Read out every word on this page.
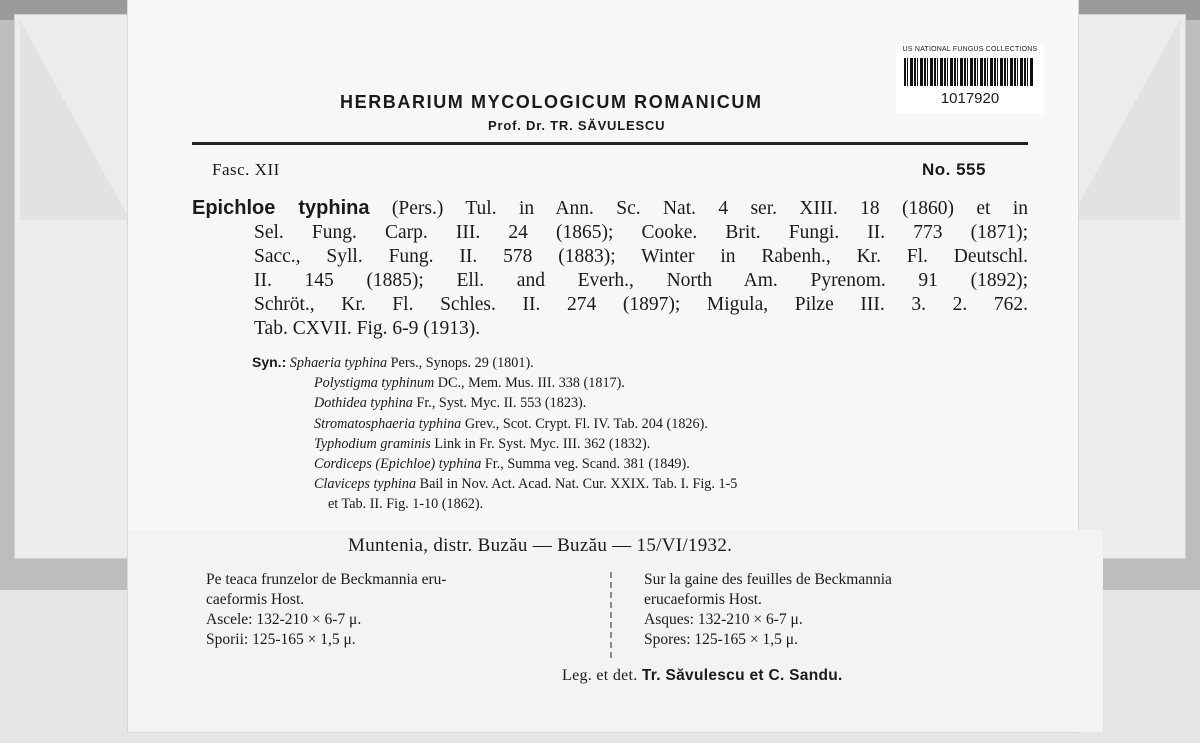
US NATIONAL FUNGUS COLLECTIONS
1017920
HERBARIUM MYCOLOGICUM ROMANICUM
Prof. Dr. TR. SĂVULESCU
Fasc. XII	No. 555
Epichloe typhina (Pers.) Tul. in Ann. Sc. Nat. 4 ser. XIII. 18 (1860) et in
Sel. Fung. Carp. III. 24 (1865); Cooke. Brit. Fungi. II. 773 (1871);
Sacc., Syll. Fung. II. 578 (1883); Winter in Rabenh., Kr. Fl. Deutschl.
II. 145 (1885); Ell. and Everh., North Am. Pyrenom. 91 (1892);
Schröt., Kr. Fl. Schles. II. 274 (1897); Migula, Pilze III. 3. 2. 762.
Tab. CXVII. Fig. 6-9 (1913).
Syn.: Sphaeria typhina Pers., Synops. 29 (1801).
Polystigma typhinum DC., Mem. Mus. III. 338 (1817).
Dothidea typhina Fr., Syst. Myc. II. 553 (1823).
Stromatosphaeria typhina Grev., Scot. Crypt. Fl. IV. Tab. 204 (1826).
Typhodium graminis Link in Fr. Syst. Myc. III. 362 (1832).
Cordiceps (Epichloe) typhina Fr., Summa veg. Scand. 381 (1849).
Claviceps typhina Bail in Nov. Act. Acad. Nat. Cur. XXIX. Tab. I. Fig. 1-5
et Tab. II. Fig. 1-10 (1862).
Muntenia, distr. Buzău — Buzău — 15/VI/1932.
Pe teaca frunzelor de Beckmannia eru-
caeformis Host.
Ascele: 132-210 × 6-7 μ.
Sporii: 125-165 × 1,5 μ.
Sur la gaine des feuilles de Beckmannia
erucaeformis Host.
Asques: 132-210 × 6-7 μ.
Spores: 125-165 × 1,5 μ.
Leg. et det. Tr. Săvulescu et C. Sandu.
